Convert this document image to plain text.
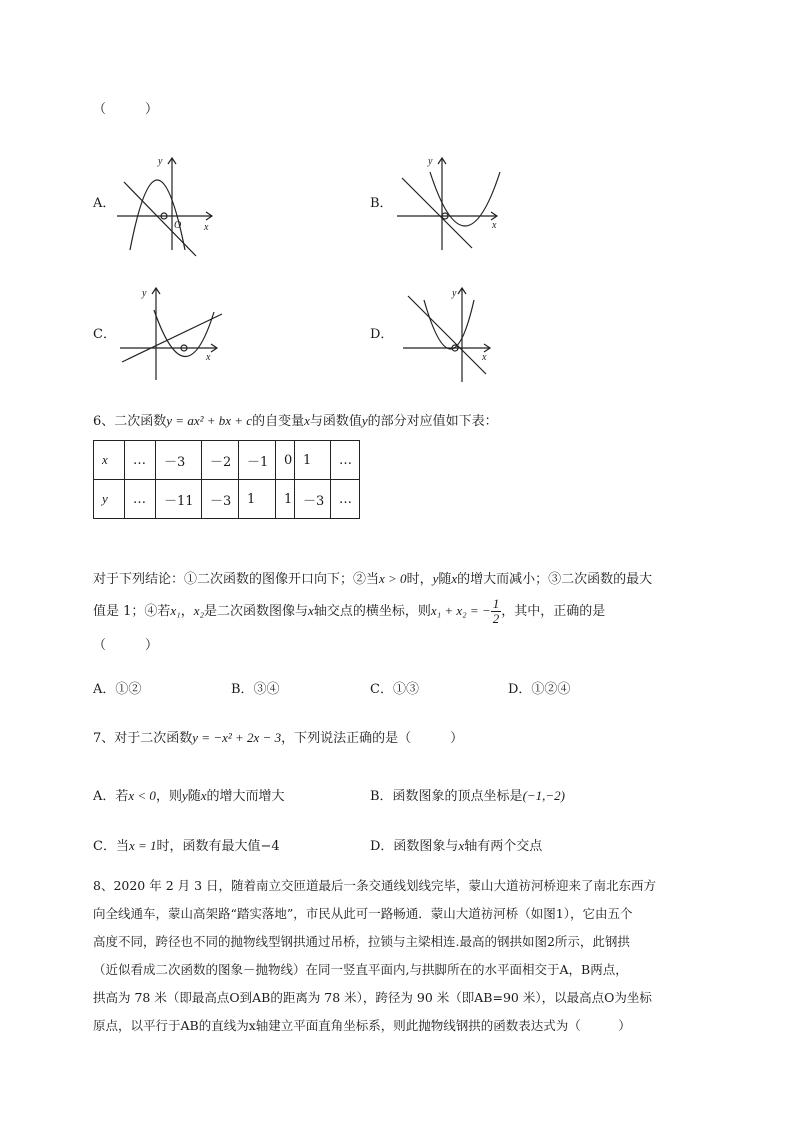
（　　　）
A．
y
x
O
B．
y
x
C．
y
x
D．
y
x
6、二次函数y = ax² + bx + c的自变量x与函数值y的部分对应值如下表：
x	…	－3	－2	－1	0	1	…
y	…	－11	－3	1	1	－3	…
对于下列结论：①二次函数的图像开口向下；②当x > 0时，y随x的增大而减小；③二次函数的最大
值是 1；④若x₁，x₂是二次函数图像与x轴交点的横坐标，则x₁ + x₂ = − $\frac{1}{2}$ ，其中，正确的是
（　　　）
A．①②	B．③④	C．①③	D．①②④
7、对于二次函数y = −x² + 2x − 3，下列说法正确的是（　　　）
A．若x < 0，则y随x的增大而增大	B．函数图象的顶点坐标是(−1,−2)
C．当x = 1时，函数有最大值−4	D．函数图象与x轴有两个交点
8、2020 年 2 月 3 日，随着南立交匝道最后一条交通线划线完毕，蒙山大道祊河桥迎来了南北东西方
向全线通车，蒙山高架路“踏实落地”，市民从此可一路畅通．蒙山大道祊河桥（如图1），它由五个
高度不同，跨径也不同的抛物线型钢拱通过吊桥，拉锁与主梁相连.最高的钢拱如图2所示，此钢拱
（近似看成二次函数的图象－抛物线）在同一竖直平面内,与拱脚所在的水平面相交于A，B两点，
拱高为 78 米（即最高点O到AB的距离为 78 米），跨径为 90 米（即AB=90 米），以最高点O为坐标
原点，以平行于AB的直线为x轴建立平面直角坐标系，则此抛物线钢拱的函数表达式为（　　　）
